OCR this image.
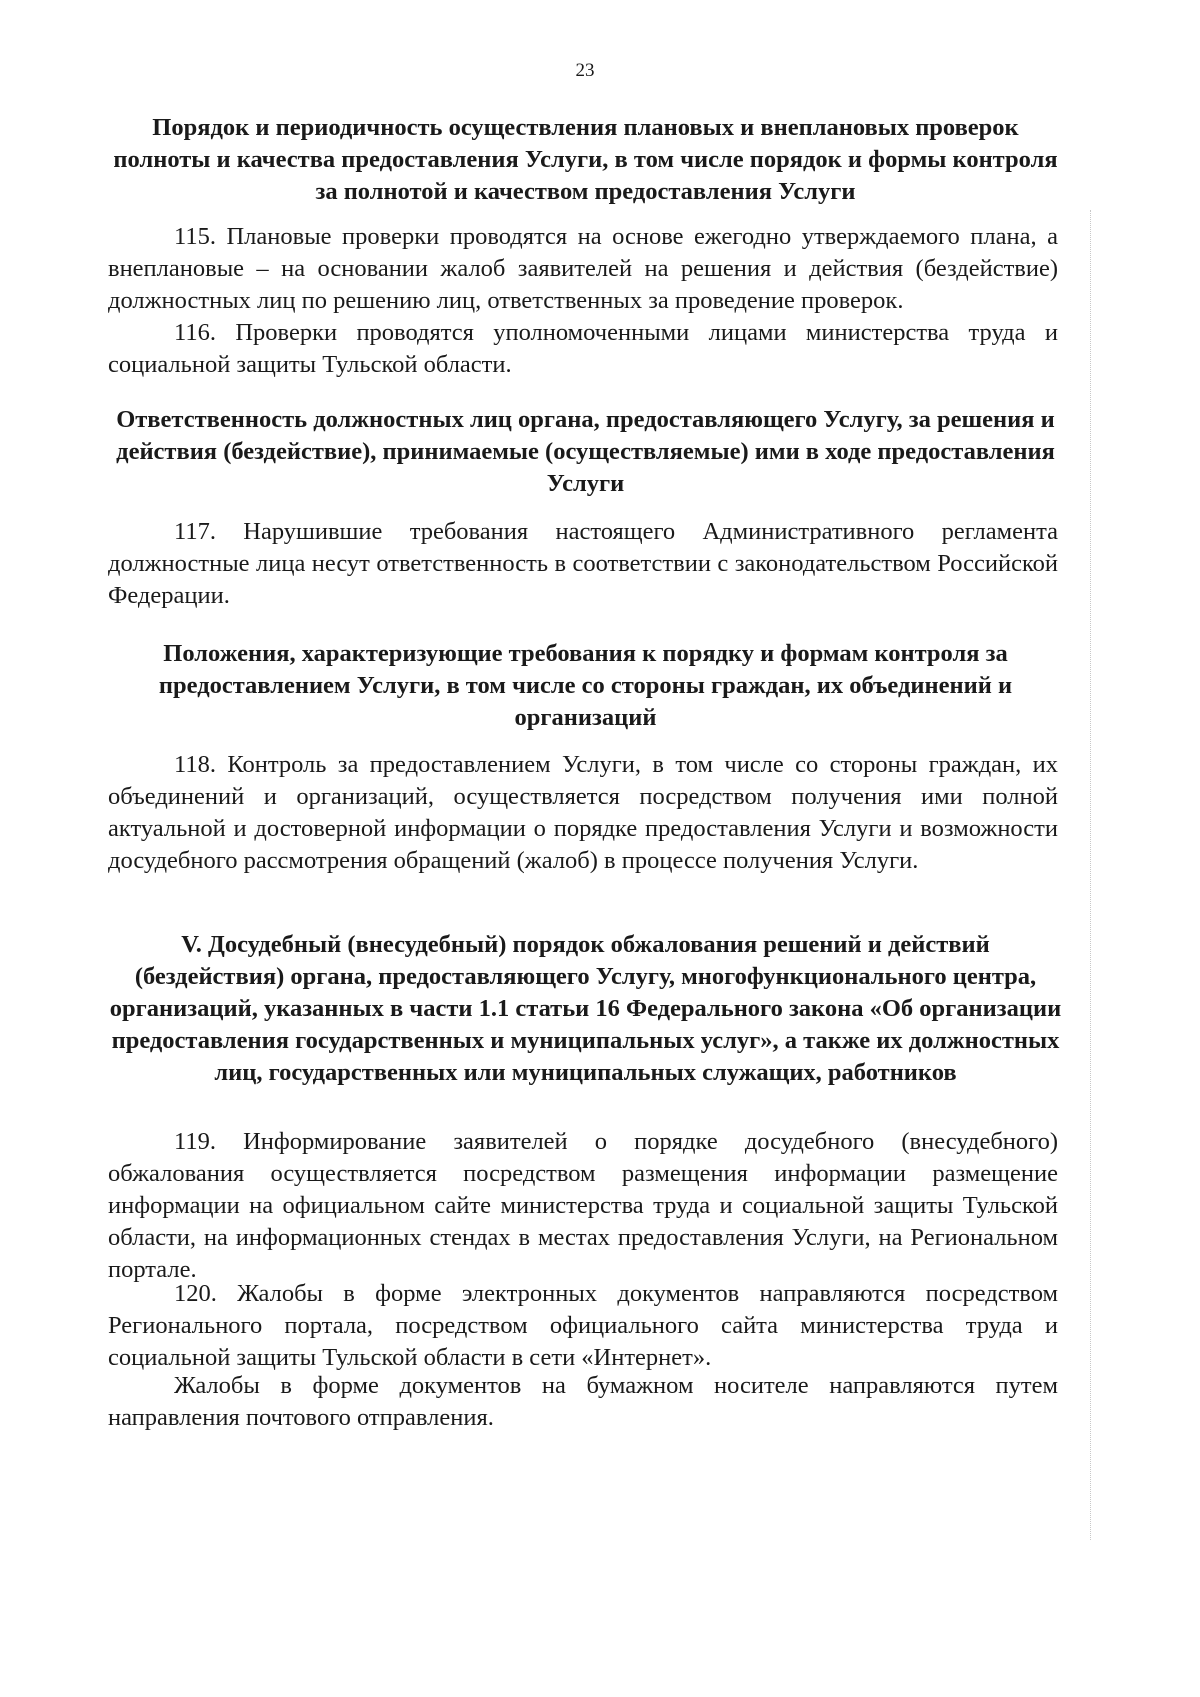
23
Порядок и периодичность осуществления плановых и внеплановых проверок полноты и качества предоставления Услуги, в том числе порядок и формы контроля за полнотой и качеством предоставления Услуги

115. Плановые проверки проводятся на основе ежегодно утверждаемого плана, а внеплановые – на основании жалоб заявителей на решения и действия (бездействие) должностных лиц по решению лиц, ответственных за проведение проверок.

116. Проверки проводятся уполномоченными лицами министерства труда и социальной защиты Тульской области.

Ответственность должностных лиц органа, предоставляющего Услугу, за решения и действия (бездействие), принимаемые (осуществляемые) ими в ходе предоставления Услуги

117. Нарушившие требования настоящего Административного регламента должностные лица несут ответственность в соответствии с законодательством Российской Федерации.

Положения, характеризующие требования к порядку и формам контроля за предоставлением Услуги, в том числе со стороны граждан, их объединений и организаций

118. Контроль за предоставлением Услуги, в том числе со стороны граждан, их объединений и организаций, осуществляется посредством получения ими полной актуальной и достоверной информации о порядке предоставления Услуги и возможности досудебного рассмотрения обращений (жалоб) в процессе получения Услуги.

V. Досудебный (внесудебный) порядок обжалования решений и действий (бездействия) органа, предоставляющего Услугу, многофункционального центра, организаций, указанных в части 1.1 статьи 16 Федерального закона «Об организации предоставления государственных и муниципальных услуг», а также их должностных лиц, государственных или муниципальных служащих, работников

119. Информирование заявителей о порядке досудебного (внесудебного) обжалования осуществляется посредством размещения информации размещение информации на официальном сайте министерства труда и социальной защиты Тульской области, на информационных стендах в местах предоставления Услуги, на Региональном портале.

120. Жалобы в форме электронных документов направляются посредством Регионального портала, посредством официального сайта министерства труда и социальной защиты Тульской области в сети «Интернет».

Жалобы в форме документов на бумажном носителе направляются путем направления почтового отправления.
